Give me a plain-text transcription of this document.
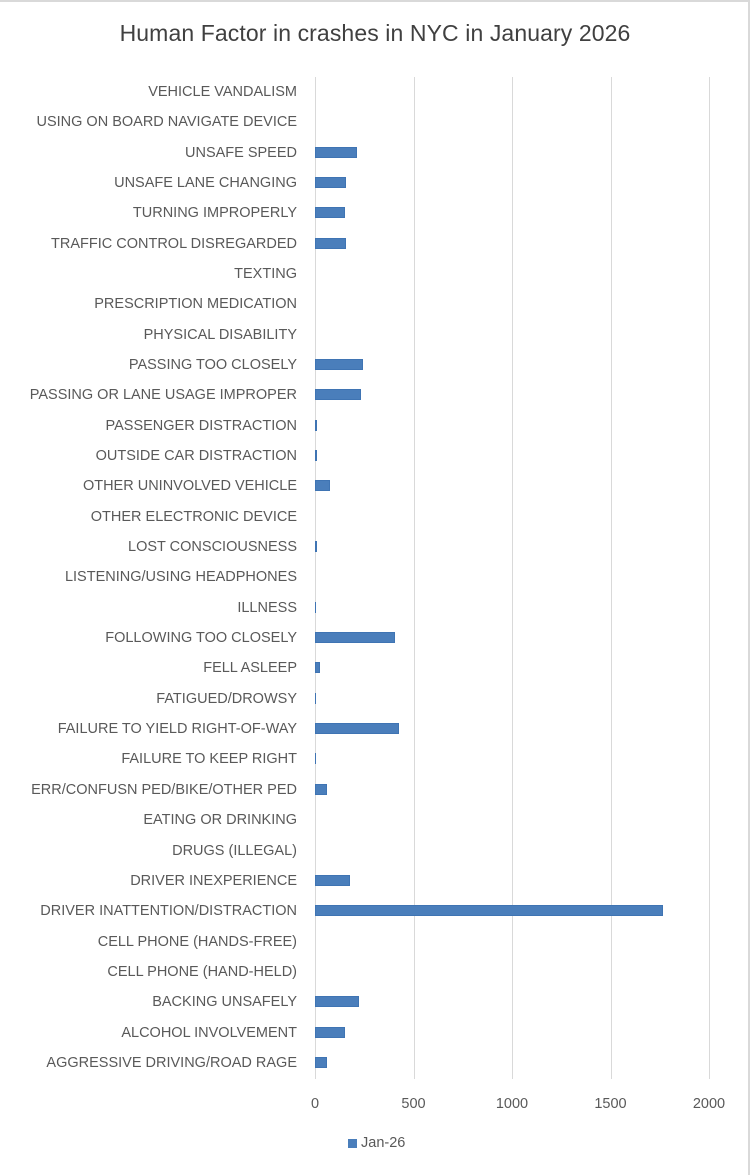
Human Factor in crashes in NYC in January 2026
VEHICLE VANDALISM
USING ON BOARD NAVIGATE DEVICE
UNSAFE SPEED
UNSAFE LANE CHANGING
TURNING IMPROPERLY
TRAFFIC CONTROL DISREGARDED
TEXTING
PRESCRIPTION MEDICATION
PHYSICAL DISABILITY
PASSING TOO CLOSELY
PASSING OR LANE USAGE IMPROPER
PASSENGER DISTRACTION
OUTSIDE CAR DISTRACTION
OTHER UNINVOLVED VEHICLE
OTHER ELECTRONIC DEVICE
LOST CONSCIOUSNESS
LISTENING/USING HEADPHONES
ILLNESS
FOLLOWING TOO CLOSELY
FELL ASLEEP
FATIGUED/DROWSY
FAILURE TO YIELD RIGHT-OF-WAY
FAILURE TO KEEP RIGHT
ERR/CONFUSN PED/BIKE/OTHER PED
EATING OR DRINKING
DRUGS (ILLEGAL)
DRIVER INEXPERIENCE
DRIVER INATTENTION/DISTRACTION
CELL PHONE (HANDS-FREE)
CELL PHONE (HAND-HELD)
BACKING UNSAFELY
ALCOHOL INVOLVEMENT
AGGRESSIVE DRIVING/ROAD RAGE
0	500	1000	1500	2000
Jan-26
